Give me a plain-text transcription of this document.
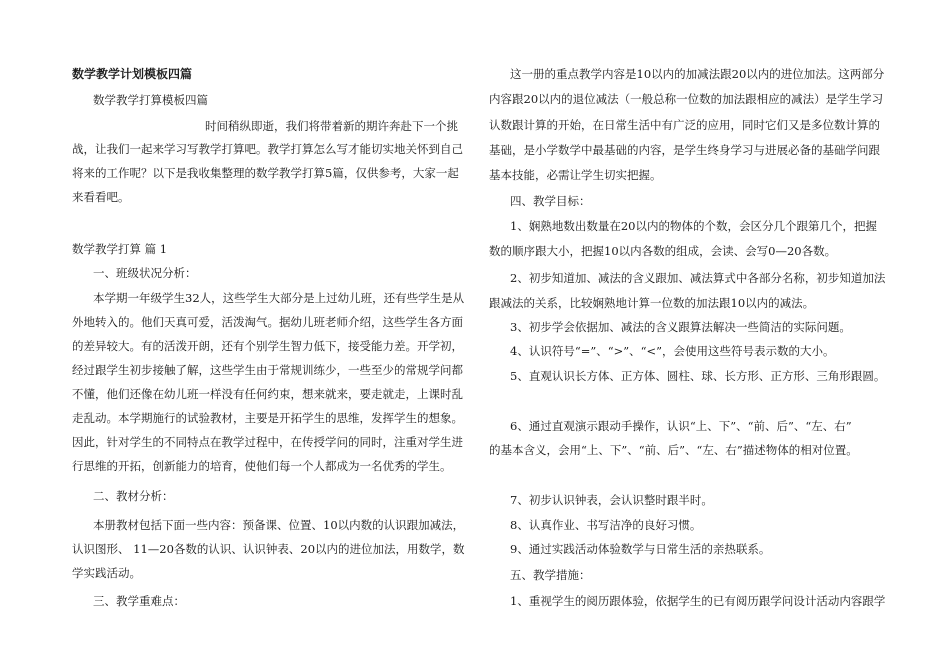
数学教学计划模板四篇
数学教学打算模板四篇
时间稍纵即逝，我们将带着新的期许奔赴下一个挑
战，让我们一起来学习写教学打算吧。教学打算怎么写才能切实地关怀到自己
将来的工作呢？以下是我收集整理的数学教学打算5篇，仅供参考，大家一起
来看看吧。
数学教学打算 篇 1
一、班级状况分析：
本学期一年级学生32人，这些学生大部分是上过幼儿班，还有些学生是从
外地转入的。他们天真可爱，活泼淘气。据幼儿班老师介绍，这些学生各方面
的差异较大。有的活泼开朗，还有个别学生智力低下，接受能力差。开学初，
经过跟学生初步接触了解，这些学生由于常规训练少，一些至少的常规学问都
不懂，他们还像在幼儿班一样没有任何约束，想来就来，要走就走，上课时乱
走乱动。本学期施行的试验教材，主要是开拓学生的思维，发挥学生的想象。
因此，针对学生的不同特点在教学过程中，在传授学问的同时，注重对学生进
行思维的开拓，创新能力的培育，使他们每一个人都成为一名优秀的学生。
二、教材分析：
本册教材包括下面一些内容：预备课、位置、10以内数的认识跟加减法，
认识图形、 11—20各数的认识、认识钟表、20以内的进位加法，用数学，数
学实践活动。
三、教学重难点：
这一册的重点教学内容是10以内的加减法跟20以内的进位加法。这两部分
内容跟20以内的退位减法（一般总称一位数的加法跟相应的减法）是学生学习
认数跟计算的开始，在日常生活中有广泛的应用，同时它们又是多位数计算的
基础，是小学数学中最基础的内容，是学生终身学习与进展必备的基础学问跟
基本技能，必需让学生切实把握。
四、教学目标：
1、娴熟地数出数量在20以内的物体的个数，会区分几个跟第几个，把握
数的顺序跟大小，把握10以内各数的组成，会读、会写0—20各数。
2、初步知道加、减法的含义跟加、减法算式中各部分名称，初步知道加法
跟减法的关系，比较娴熟地计算一位数的加法跟10以内的减法。
3、初步学会依据加、减法的含义跟算法解决一些简洁的实际问题。
4、认识符号“=”、“>”、“<”，会使用这些符号表示数的大小。
5、直观认识长方体、正方体、圆柱、球、长方形、正方形、三角形跟圆。
6、通过直观演示跟动手操作，认识“上、下”、“前、后”、“左、右”
的基本含义，会用“上、下”、“前、后”、“左、右”描述物体的相对位置。
7、初步认识钟表，会认识整时跟半时。
8、认真作业、书写洁净的良好习惯。
9、通过实践活动体验数学与日常生活的亲热联系。
五、教学措施：
1、重视学生的阅历跟体验，依据学生的已有阅历跟学问设计活动内容跟学
